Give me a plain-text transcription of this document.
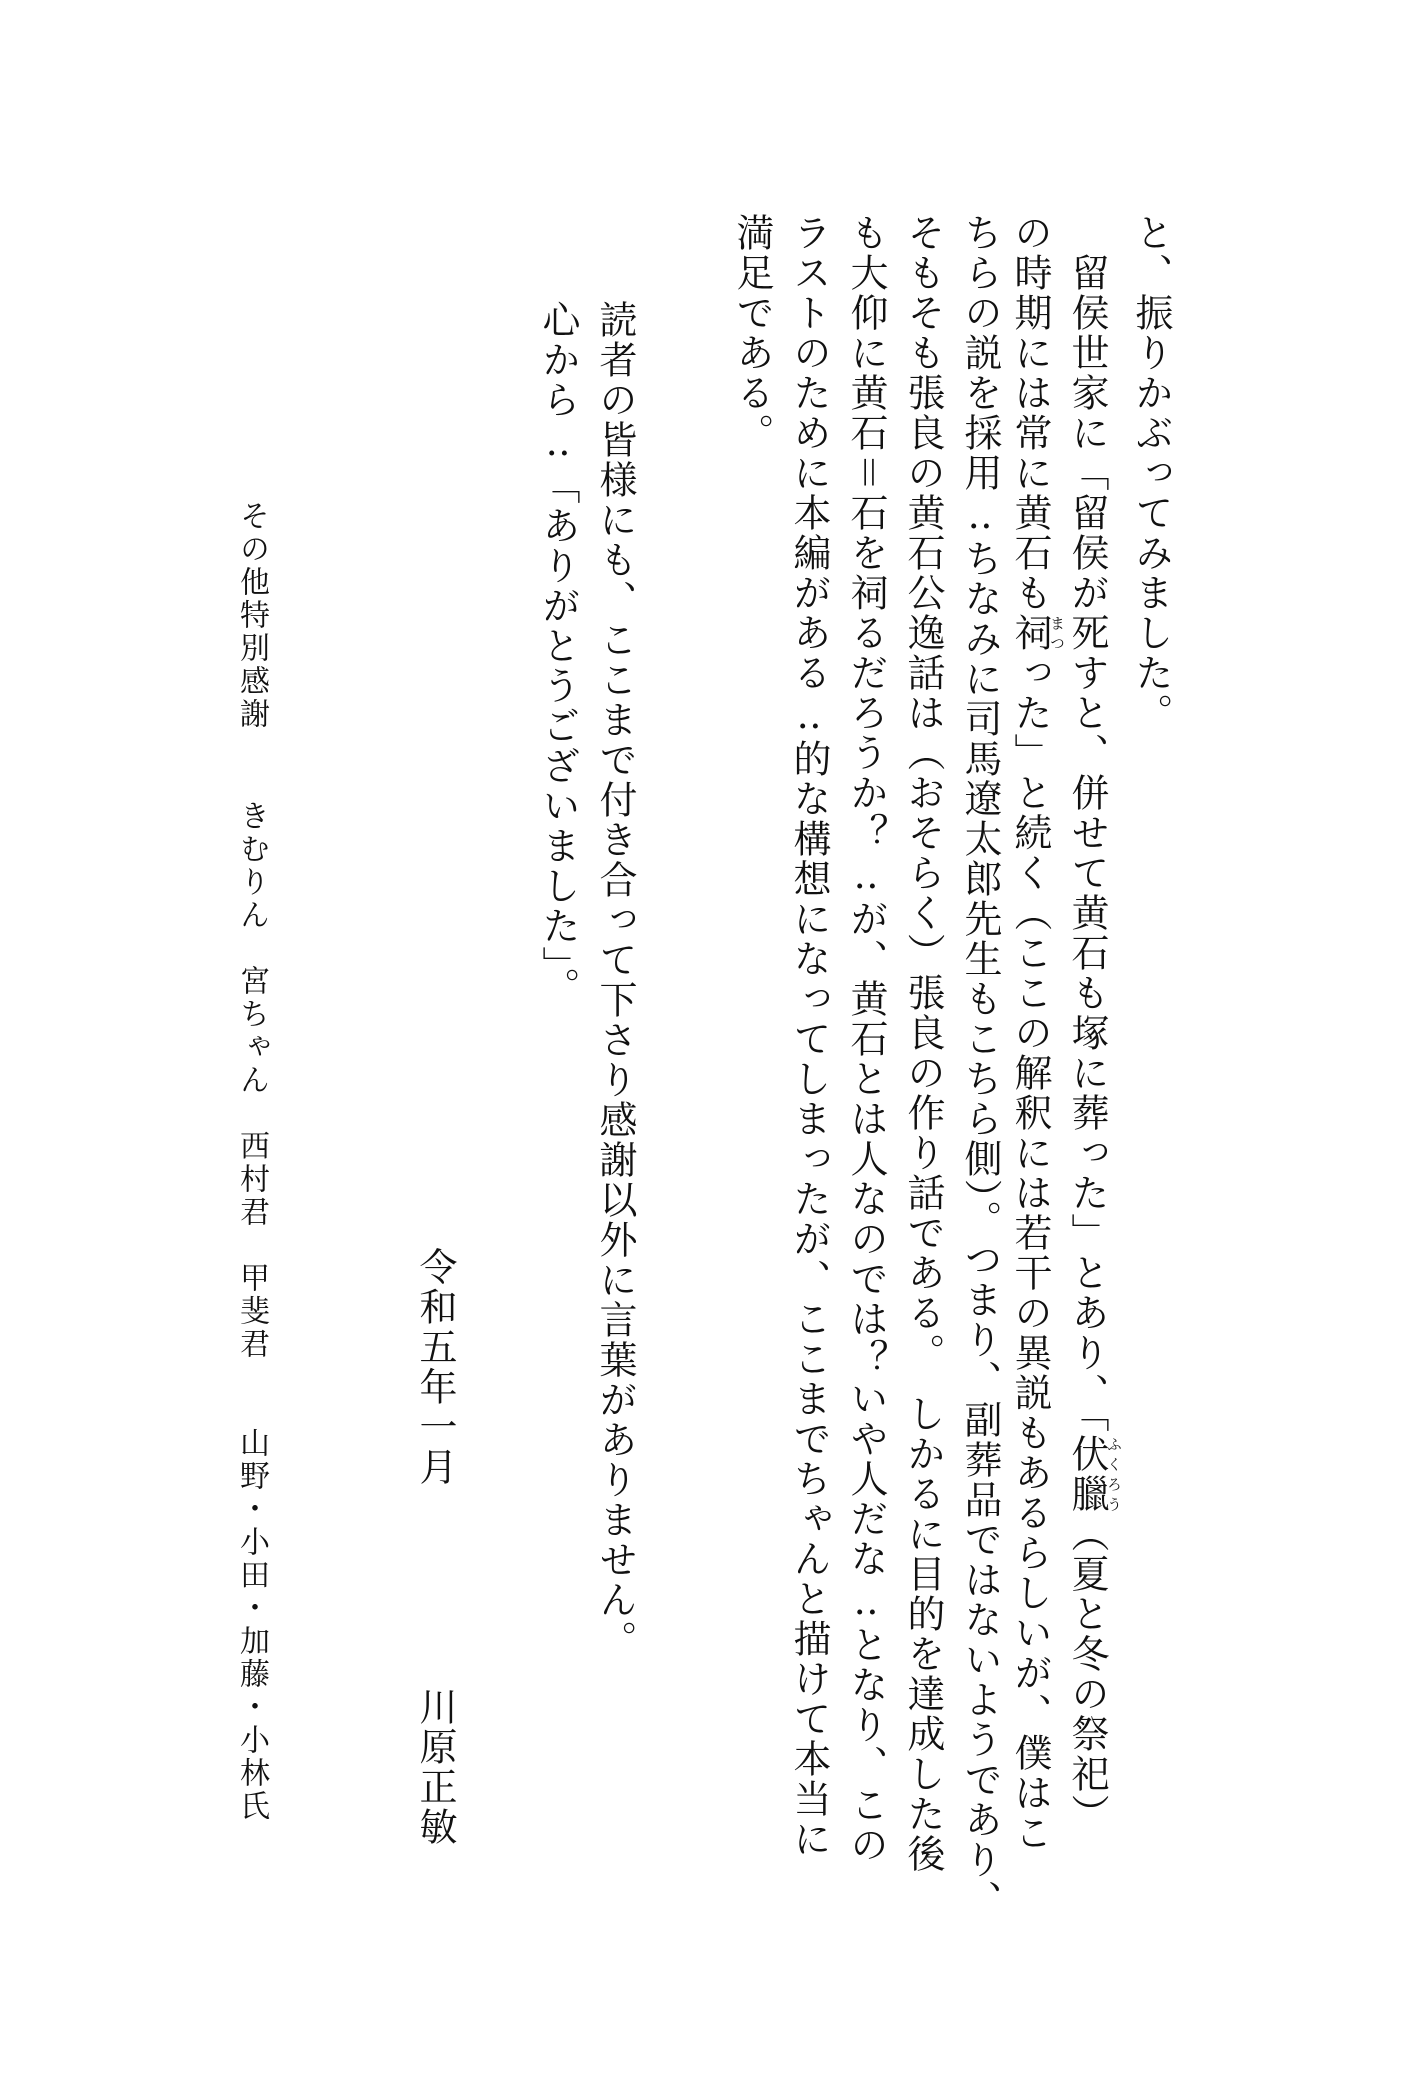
と、振りかぶってみました。
　留侯世家に「留侯が死すと、併せて黄石も塚に葬った」とあり、「伏臘ふくろう（夏と冬の祭祀）
の時期には常に黄石も祠まつった」と続く（ここの解釈には若干の異説もあるらしいが、僕はこ
ちらの説を採用‥ちなみに司馬遼太郎先生もこちら側）。つまり、副葬品ではないようであり、
そもそも張良の黄石公逸話は（おそらく）張良の作り話である。　しかるに目的を達成した後
も大仰に黄石＝石を祠るだろうか？‥が、黄石とは人なのでは？いや人だな‥となり、この
ラストのために本編がある‥的な構想になってしまったが、ここまでちゃんと描けて本当に
満足である。
読者の皆様にも、ここまで付き合って下さり感謝以外に言葉がありません。
心から‥「ありがとうございました」。
令和五年一月
川原正敏
その他特別感謝
きむりん　宮ちゃん　西村君　甲斐君　　山野・小田・加藤・小林氏
